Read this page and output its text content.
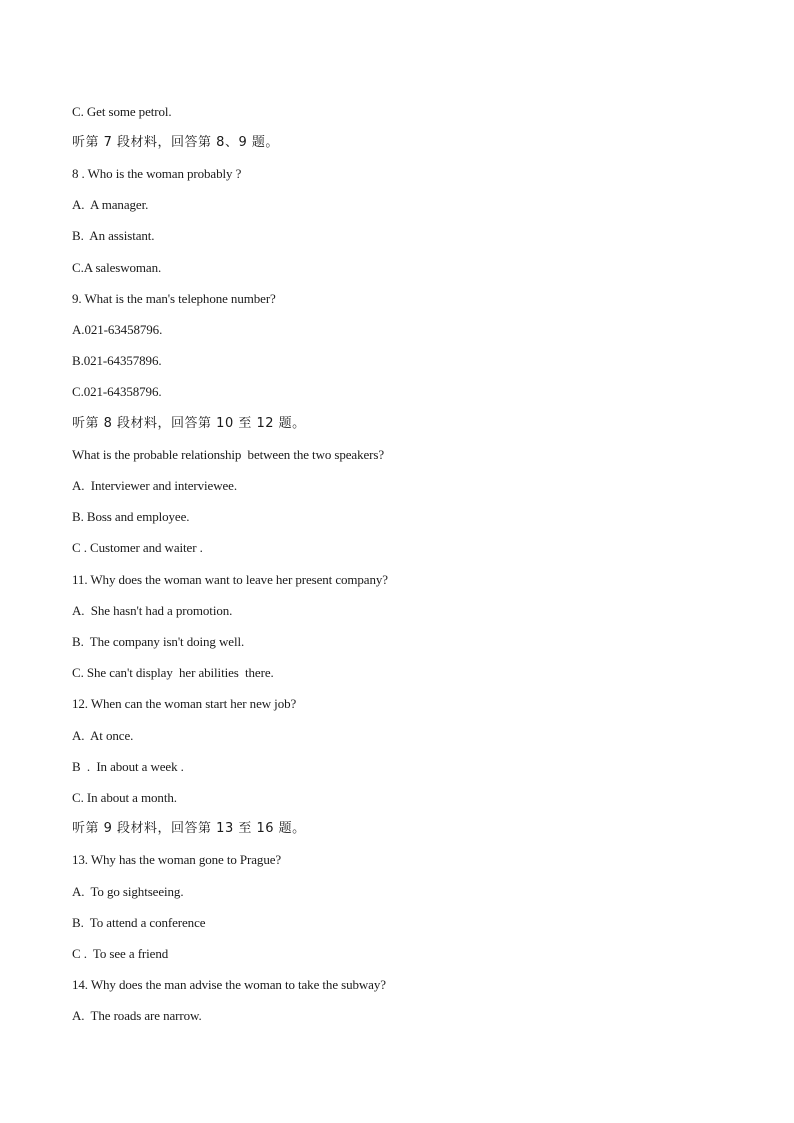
C. Get some petrol.
听第 7 段材料，回答第 8、9 题。
8 . Who is the woman probably ?
A.  A manager.
B.  An assistant.
C.A saleswoman.
9. What is the man's telephone number?
A.021-63458796.
B.021-64357896.
C.021-64358796.
听第 8 段材料，回答第 10 至 12 题。
What is the probable relationship  between the two speakers?
A.  Interviewer and interviewee.
B. Boss and employee.
C . Customer and waiter .
11. Why does the woman want to leave her present company?
A.  She hasn't had a promotion.
B.  The company isn't doing well.
C. She can't display  her abilities  there.
12. When can the woman start her new job?
A.  At once.
B  .  In about a week .
C. In about a month.
听第 9 段材料，回答第 13 至 16 题。
13. Why has the woman gone to Prague?
A.  To go sightseeing.
B.  To attend a conference
C .  To see a friend
14. Why does the man advise the woman to take the subway?
A.  The roads are narrow.
